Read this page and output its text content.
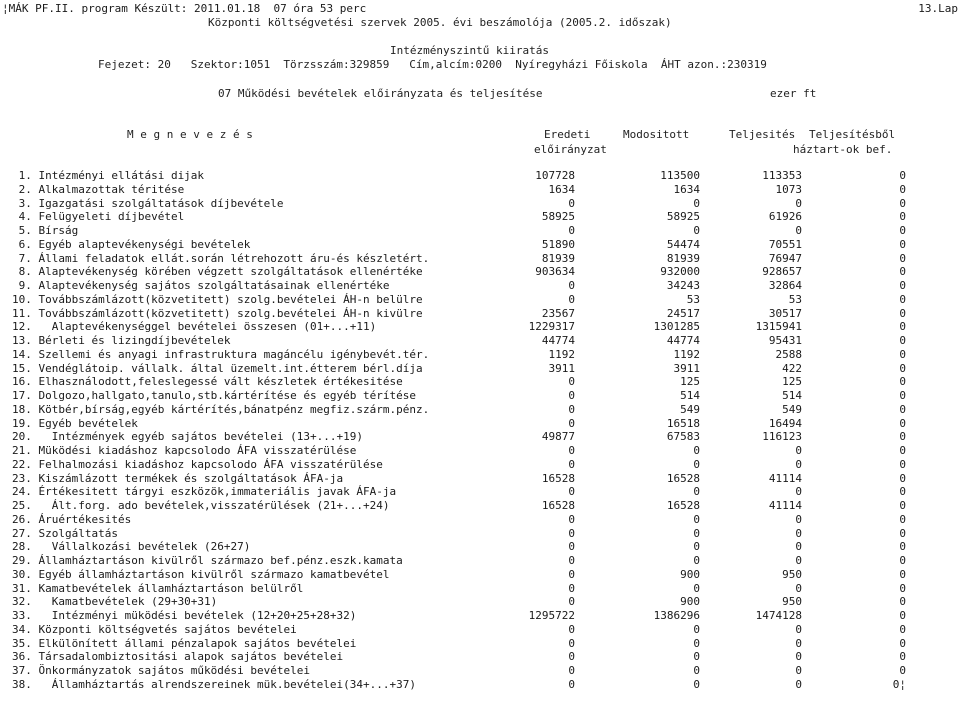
¦MÁK PF.II. program Készült: 2011.01.18  07 óra 53 perc	13.Lap
Központi költségvetési szervek 2005. évi beszámolója (2005.2. időszak)
Intézményszintű kiiratás
Fejezet: 20   Szektor:1051  Törzsszám:329859   Cím,alcím:0200  Nyíregyházi Főiskola  ÁHT azon.:230319
07 Működési bevételek előirányzata és teljesítése	ezer ft
M e g n e v e z é s	Eredeti
előirányzat
Modositott	Teljesités Teljesítésből
háztart-ok bef.
1. Intézményi ellátási dijak	107728	113500	113353	0
2. Alkalmazottak téritése	1634	1634	1073	0
3. Igazgatási szolgáltatások díjbevétele	0	0	0	0
4. Felügyeleti díjbevétel	58925	58925	61926	0
5. Bírság	0	0	0	0
6. Egyéb alaptevékenységi bevételek	51890	54474	70551	0
7. Állami feladatok ellát.során létrehozott áru-és készletért.	81939	81939	76947	0
8. Alaptevékenység körében végzett szolgáltatások ellenértéke	903634	932000	928657	0
9. Alaptevékenység sajátos szolgáltatásainak ellenértéke	0	34243	32864	0
10. Továbbszámlázott(közvetitett) szolg.bevételei ÁH-n belülre	0	53	53	0
11. Továbbszámlázott(közvetitett) szolg.bevételei ÁH-n kivülre	23567	24517	30517	0
12.   Alaptevékenységgel bevételei összesen (01+...+11)	1229317	1301285	1315941	0
13. Bérleti és lizingdíjbevételek	44774	44774	95431	0
14. Szellemi és anyagi infrastruktura magáncélu igénybevét.tér.	1192	1192	2588	0
15. Vendéglátoip. vállalk. által üzemelt.int.étterem bérl.díja	3911	3911	422	0
16. Elhasználodott,feleslegessé vált készletek értékesitése	0	125	125	0
17. Dolgozo,hallgato,tanulo,stb.kártérítése és egyéb térítése	0	514	514	0
18. Kötbér,bírság,egyéb kártérítés,bánatpénz megfiz.szárm.pénz.	0	549	549	0
19. Egyéb bevételek	0	16518	16494	0
20.   Intézmények egyéb sajátos bevételei (13+...+19)	49877	67583	116123	0
21. Müködési kiadáshoz kapcsolodo ÁFA visszatérülése	0	0	0	0
22. Felhalmozási kiadáshoz kapcsolodo ÁFA visszatérülése	0	0	0	0
23. Kiszámlázott termékek és szolgáltatások ÁFA-ja	16528	16528	41114	0
24. Értékesitett tárgyi eszközök,immateriális javak ÁFA-ja	0	0	0	0
25.   Ált.forg. ado bevételek,visszatérülések (21+...+24)	16528	16528	41114	0
26. Áruértékesités	0	0	0	0
27. Szolgáltatás	0	0	0	0
28.   Vállalkozási bevételek (26+27)	0	0	0	0
29. Államháztartáson kivülről származo bef.pénz.eszk.kamata	0	0	0	0
30. Egyéb államháztartáson kivülről származo kamatbevétel	0	900	950	0
31. Kamatbevételek államháztartáson belülről	0	0	0	0
32.   Kamatbevételek (29+30+31)	0	900	950	0
33.   Intézményi müködési bevételek (12+20+25+28+32)	1295722	1386296	1474128	0
34. Központi költségvetés sajátos bevételei	0	0	0	0
35. Elkülönített állami pénzalapok sajátos bevételei	0	0	0	0
36. Társadalombiztositási alapok sajátos bevételei	0	0	0	0
37. Önkormányzatok sajátos működési bevételei	0	0	0	0
38.   Államháztartás alrendszereinek mük.bevételei(34+...+37)	0	0	0	0¦
